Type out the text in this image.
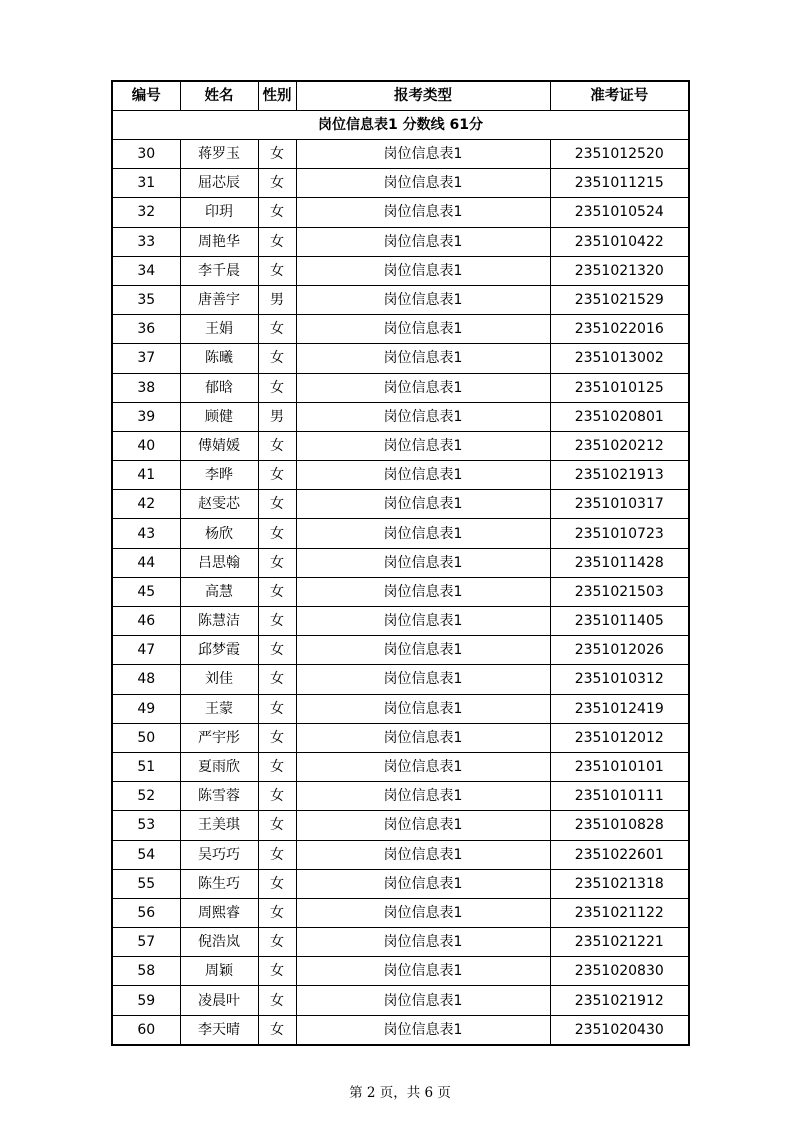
编号	姓名	性别	报考类型	准考证号
岗位信息表1 分数线 61分				
30	蒋罗玉	女	岗位信息表1	2351012520
31	屈芯辰	女	岗位信息表1	2351011215
32	印玥	女	岗位信息表1	2351010524
33	周艳华	女	岗位信息表1	2351010422
34	李千晨	女	岗位信息表1	2351021320
35	唐善宇	男	岗位信息表1	2351021529
36	王娟	女	岗位信息表1	2351022016
37	陈曦	女	岗位信息表1	2351013002
38	郁晗	女	岗位信息表1	2351010125
39	顾健	男	岗位信息表1	2351020801
40	傅婧媛	女	岗位信息表1	2351020212
41	李晔	女	岗位信息表1	2351021913
42	赵雯芯	女	岗位信息表1	2351010317
43	杨欣	女	岗位信息表1	2351010723
44	吕思翰	女	岗位信息表1	2351011428
45	高慧	女	岗位信息表1	2351021503
46	陈慧洁	女	岗位信息表1	2351011405
47	邱梦霞	女	岗位信息表1	2351012026
48	刘佳	女	岗位信息表1	2351010312
49	王蒙	女	岗位信息表1	2351012419
50	严宇彤	女	岗位信息表1	2351012012
51	夏雨欣	女	岗位信息表1	2351010101
52	陈雪蓉	女	岗位信息表1	2351010111
53	王美琪	女	岗位信息表1	2351010828
54	吴巧巧	女	岗位信息表1	2351022601
55	陈生巧	女	岗位信息表1	2351021318
56	周熙睿	女	岗位信息表1	2351021122
57	倪浩岚	女	岗位信息表1	2351021221
58	周颖	女	岗位信息表1	2351020830
59	凌晨叶	女	岗位信息表1	2351021912
60	李天晴	女	岗位信息表1	2351020430
第 2 页，共 6 页
